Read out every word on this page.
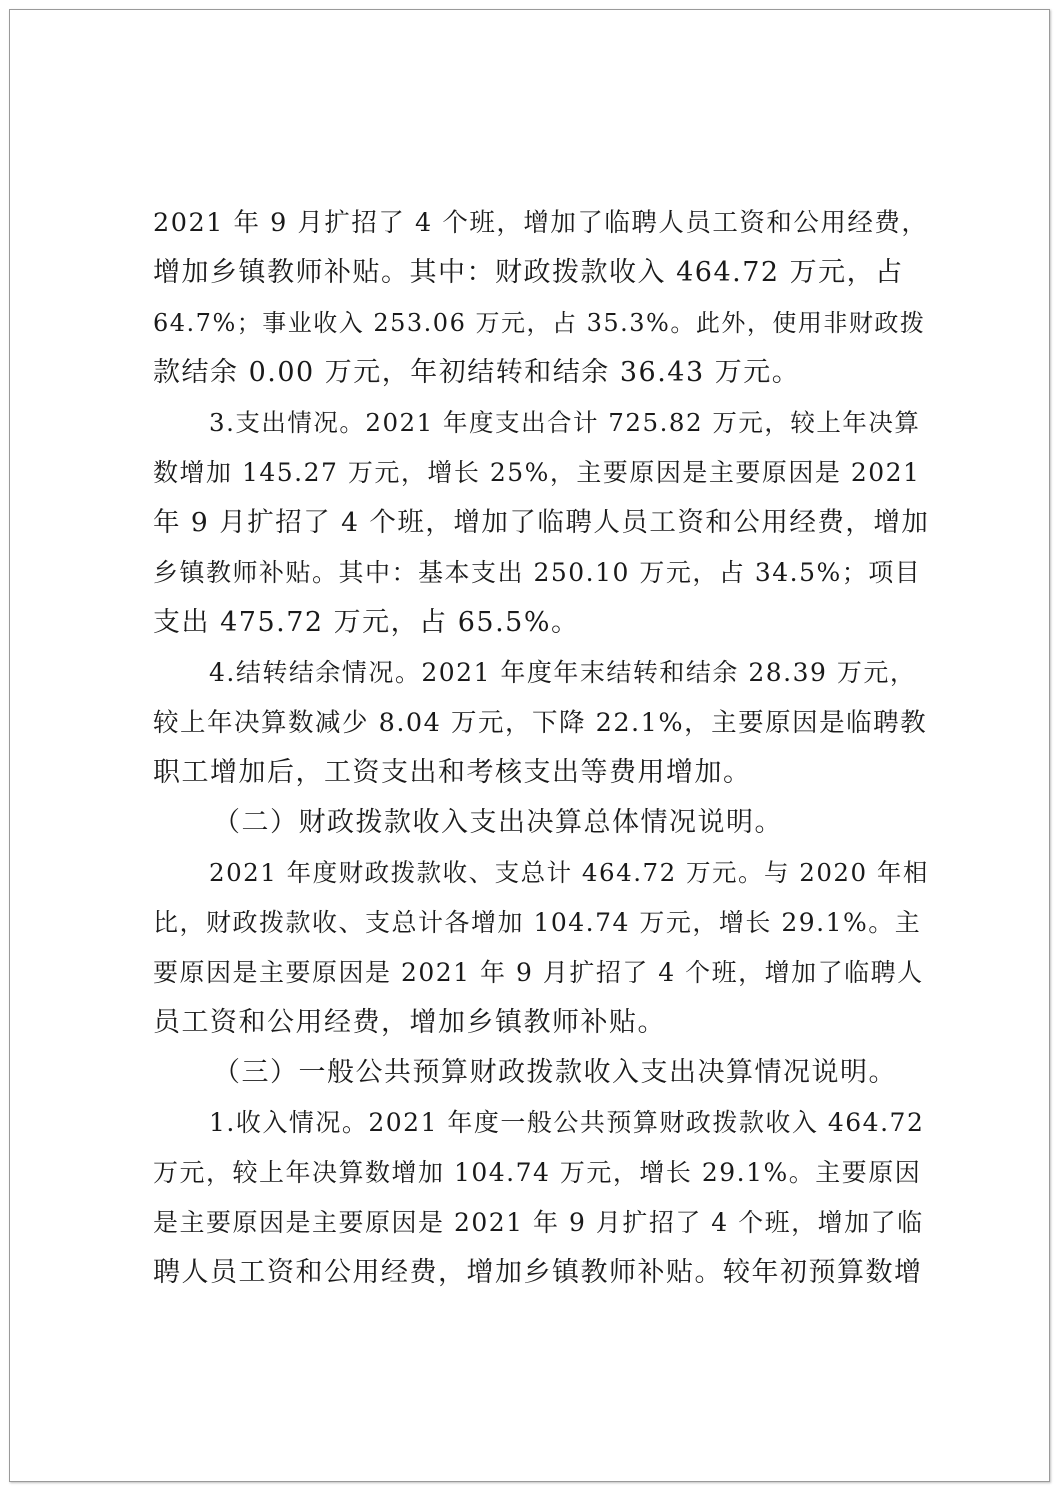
2021 年 9 月扩招了 4 个班，增加了临聘人员工资和公用经费，
增加乡镇教师补贴。其中：财政拨款收入 464.72 万元，占
64.7%；事业收入 253.06 万元，占 35.3%。此外，使用非财政拨
款结余 0.00 万元，年初结转和结余 36.43 万元。
3.支出情况。2021 年度支出合计 725.82 万元，较上年决算
数增加 145.27 万元，增长 25%，主要原因是主要原因是 2021
年 9 月扩招了 4 个班，增加了临聘人员工资和公用经费，增加
乡镇教师补贴。其中：基本支出 250.10 万元，占 34.5%；项目
支出 475.72 万元，占 65.5%。
4.结转结余情况。2021 年度年末结转和结余 28.39 万元，
较上年决算数减少 8.04 万元，下降 22.1%，主要原因是临聘教
职工增加后，工资支出和考核支出等费用增加。
（二）财政拨款收入支出决算总体情况说明。
2021 年度财政拨款收、支总计 464.72 万元。与 2020 年相
比，财政拨款收、支总计各增加 104.74 万元，增长 29.1%。主
要原因是主要原因是 2021 年 9 月扩招了 4 个班，增加了临聘人
员工资和公用经费，增加乡镇教师补贴。
（三）一般公共预算财政拨款收入支出决算情况说明。
1.收入情况。2021 年度一般公共预算财政拨款收入 464.72
万元，较上年决算数增加 104.74 万元，增长 29.1%。主要原因
是主要原因是主要原因是 2021 年 9 月扩招了 4 个班，增加了临
聘人员工资和公用经费，增加乡镇教师补贴。较年初预算数增
